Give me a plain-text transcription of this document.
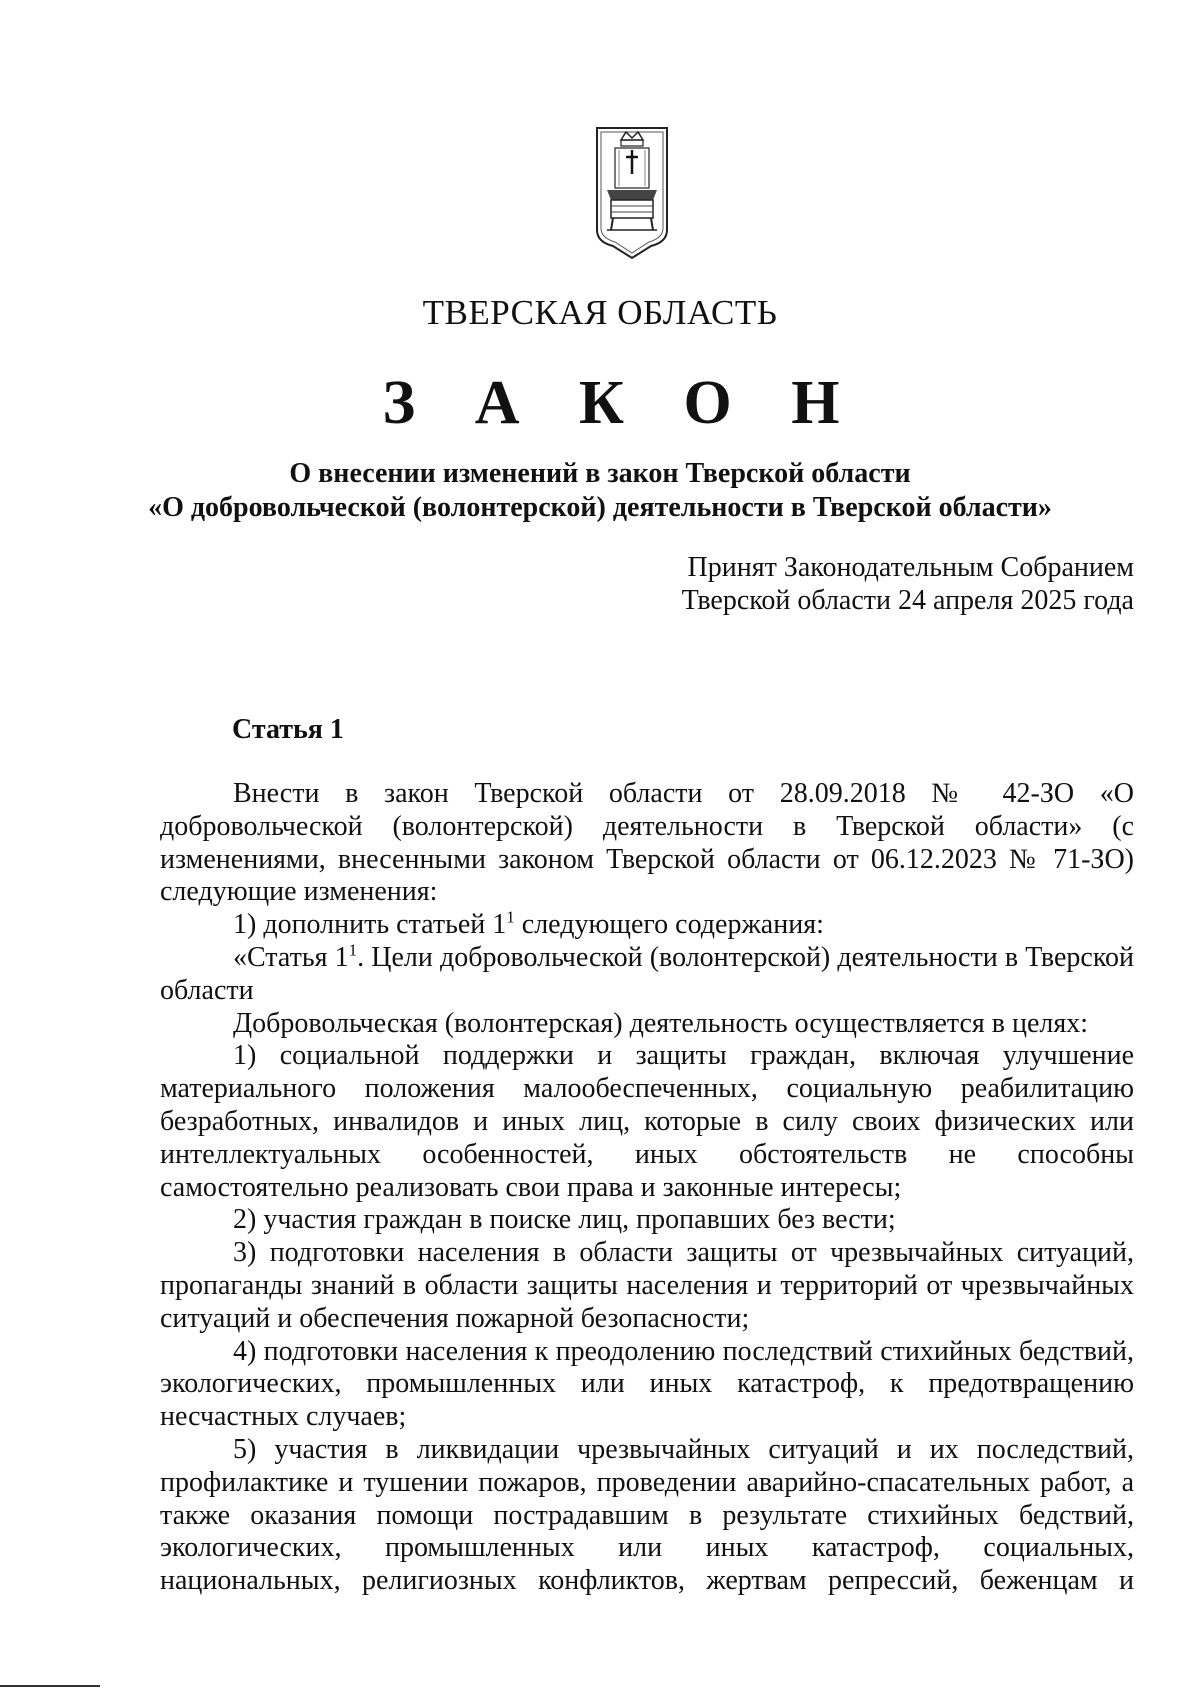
ТВЕРСКАЯ ОБЛАСТЬ
З А К О Н
О внесении изменений в закон Тверской области
«О добровольческой (волонтерской) деятельности в Тверской области»
Принят Законодательным Собранием
Тверской области 24 апреля 2025 года
Статья 1

Внести в закон Тверской области от 28.09.2018 № 42-ЗО «О добровольческой (волонтерской) деятельности в Тверской области» (с изменениями, внесенными законом Тверской области от 06.12.2023 № 71-ЗО) следующие изменения:

1) дополнить статьей $1^1$ следующего содержания:

«Статья $1^1$. Цели добровольческой (волонтерской) деятельности в Тверской области

Добровольческая (волонтерская) деятельность осуществляется в целях:

1) социальной поддержки и защиты граждан, включая улучшение материального положения малообеспеченных, социальную реабилитацию безработных, инвалидов и иных лиц, которые в силу своих физических или интеллектуальных особенностей, иных обстоятельств не способны самостоятельно реализовать свои права и законные интересы;

2) участия граждан в поиске лиц, пропавших без вести;

3) подготовки населения в области защиты от чрезвычайных ситуаций, пропаганды знаний в области защиты населения и территорий от чрезвычайных ситуаций и обеспечения пожарной безопасности;

4) подготовки населения к преодолению последствий стихийных бедствий, экологических, промышленных или иных катастроф, к предотвращению несчастных случаев;

5) участия в ликвидации чрезвычайных ситуаций и их последствий, профилактике и тушении пожаров, проведении аварийно-спасательных работ, а также оказания помощи пострадавшим в результате стихийных бедствий, экологических, промышленных или иных катастроф, социальных, национальных, религиозных конфликтов, жертвам репрессий, беженцам и
